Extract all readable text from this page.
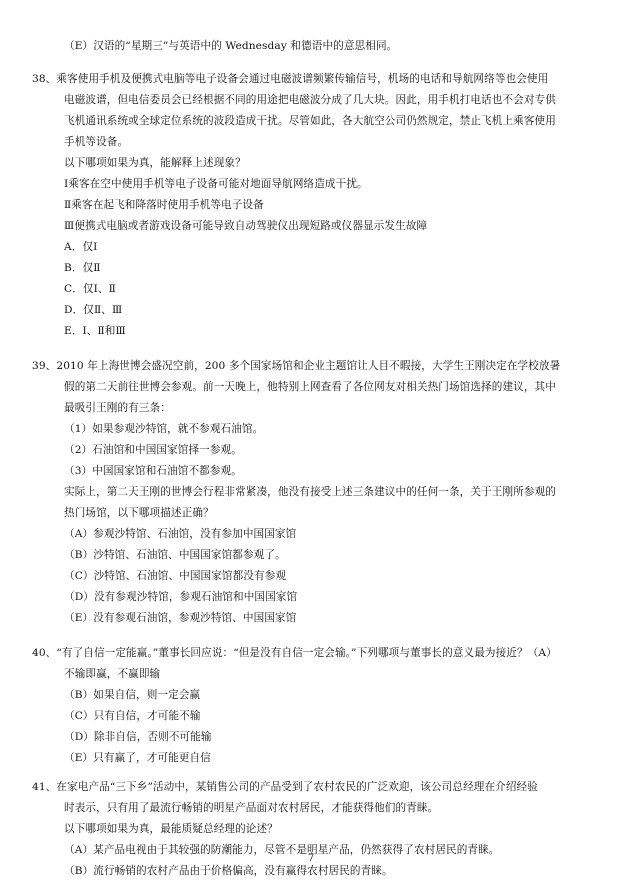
（E）汉语的“星期三”与英语中的 Wednesday 和德语中的意思相同。
38、乘客使用手机及便携式电脑等电子设备会通过电磁波谱频繁传输信号，机场的电话和导航网络等也会使用
电磁波谱，但电信委员会已经根据不同的用途把电磁波分成了几大块。因此，用手机打电话也不会对专供
飞机通讯系统或全球定位系统的波段造成干扰。尽管如此，各大航空公司仍然规定，禁止飞机上乘客使用
手机等设备。
以下哪项如果为真，能解释上述现象？
Ⅰ乘客在空中使用手机等电子设备可能对地面导航网络造成干扰。
Ⅱ乘客在起飞和降落时使用手机等电子设备
Ⅲ便携式电脑或者游戏设备可能导致自动驾驶仪出现短路或仪器显示发生故障
A．仅Ⅰ
B．仅Ⅱ
C．仅Ⅰ、Ⅱ
D．仅Ⅱ、Ⅲ
E．Ⅰ、Ⅱ和Ⅲ
39、2010 年上海世博会盛况空前，200 多个国家场馆和企业主题馆让人目不暇接，大学生王刚决定在学校放暑
假的第二天前往世博会参观。前一天晚上，他特别上网查看了各位网友对相关热门场馆选择的建议，其中
最吸引王刚的有三条：
（1）如果参观沙特馆，就不参观石油馆。
（2）石油馆和中国国家馆择一参观。
（3）中国国家馆和石油馆不都参观。
实际上，第二天王刚的世博会行程非常紧凑，他没有接受上述三条建议中的任何一条，关于王刚所参观的
热门场馆，以下哪项描述正确？
（A）参观沙特馆、石油馆，没有参加中国国家馆
（B）沙特馆、石油馆、中国国家馆都参观了。
（C）沙特馆、石油馆、中国国家馆都没有参观
（D）没有参观沙特馆，参观石油馆和中国国家馆
（E）没有参观石油馆，参观沙特馆、中国国家馆
40、“有了自信一定能赢。”董事长回应说：“但是没有自信一定会输。”下列哪项与董事长的意义最为接近？（A）
不输即赢，不赢即输
（B）如果自信，则一定会赢
（C）只有自信，才可能不输
（D）除非自信，否则不可能输
（E）只有赢了，才可能更自信
41、在家电产品“三下乡”活动中，某销售公司的产品受到了农村农民的广泛欢迎，该公司总经理在介绍经验
时表示，只有用了最流行畅销的明星产品面对农村居民，才能获得他们的青睐。
以下哪项如果为真，最能质疑总经理的论述？
（A）某产品电视由于其较强的防潮能力，尽管不是明星产品，仍然获得了农村居民的青睐。
（B）流行畅销的农村产品由于价格偏高，没有赢得农村居民的青睐。
7
